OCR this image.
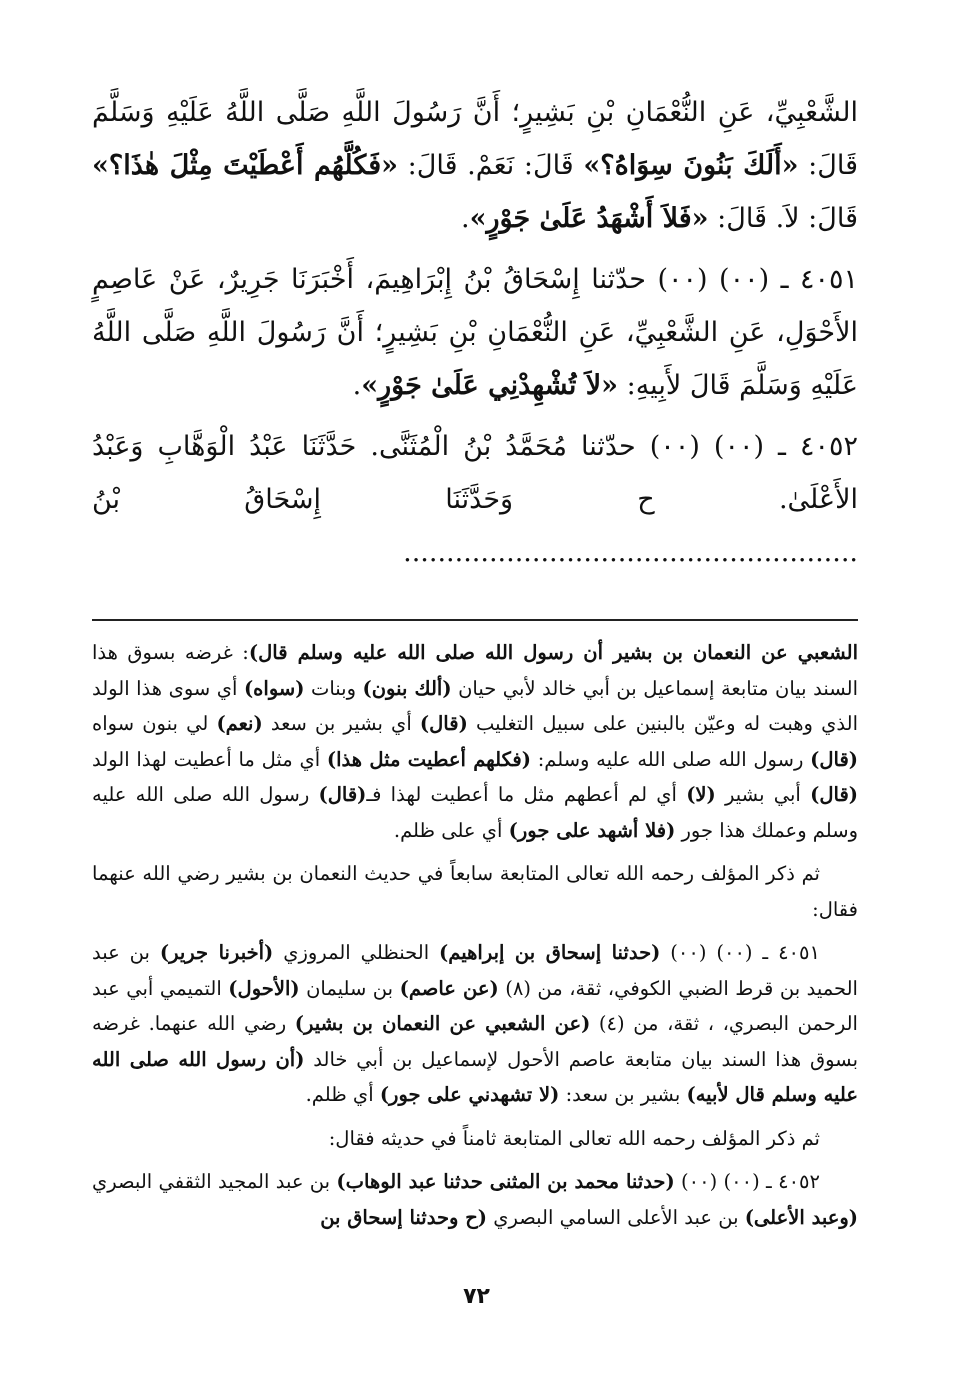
الشَّعْبِيِّ، عَنِ النُّعْمَانِ بْنِ بَشِيرٍ؛ أَنَّ رَسُولَ اللَّهِ صَلَّى اللَّهُ عَلَيْهِ وَسَلَّمَ قَالَ: «أَلَكَ بَنُونَ سِوَاهُ؟» قَالَ: نَعَمْ. قَالَ: «فَكُلَّهُم أَعْطَيْتَ مِثْلَ هٰذَا؟» قَالَ: لاَ. قَالَ: «فَلاَ أَشْهَدُ عَلَىٰ جَوْرٍ».

٤٠٥١ ـ (٠٠) (٠٠) حدّثنا إِسْحَاقُ بْنُ إِبْرَاهِيمَ، أَخْبَرَنَا جَرِيرٌ، عَنْ عَاصِمٍ الأَحْوَلِ، عَنِ الشَّعْبِيِّ، عَنِ النُّعْمَانِ بْنِ بَشِيرٍ؛ أَنَّ رَسُولَ اللَّهِ صَلَّى اللَّهُ عَلَيْهِ وَسَلَّمَ قَالَ لأَبِيهِ: «لاَ تُشْهِدْنِي عَلَىٰ جَوْرٍ».

٤٠٥٢ ـ (٠٠) (٠٠) حدّثنا مُحَمَّدُ بْنُ الْمُثَنَّى. حَدَّثَنَا عَبْدُ الْوَهَّابِ وَعَبْدُ الأَعْلَىٰ. ح وَحَدَّثَنَا إِسْحَاقُ بْنُ .....................................................

الشعبي عن النعمان بن بشير أن رسول الله صلى الله عليه وسلم قال): غرضه بسوق هذا السند بيان متابعة إسماعيل بن أبي خالد لأبي حيان (ألك بنون) وبنات (سواه) أي سوى هذا الولد الذي وهبت له وعيّن بالبنين على سبيل التغليب (قال) أي بشير بن سعد (نعم) لي بنون سواه (قال) رسول الله صلى الله عليه وسلم: (فكلهم أعطيت مثل هذا) أي مثل ما أعطيت لهذا الولد (قال) أبي بشير (لا) أي لم أعطهم مثل ما أعطيت لهذا فـ(قال) رسول الله صلى الله عليه وسلم وعملك هذا جور (فلا أشهد على جور) أي على ظلم.

ثم ذكر المؤلف رحمه الله تعالى المتابعة سابعاً في حديث النعمان بن بشير رضي الله عنهما فقال:

٤٠٥١ ـ (٠٠) (٠٠) (حدثنا إسحاق بن إبراهيم) الحنظلي المروزي (أخبرنا جرير) بن عبد الحميد بن قرط الضبي الكوفي، ثقة، من (٨) (عن عاصم) بن سليمان (الأحول) التميمي أبي عبد الرحمن البصري، ، ثقة، من (٤) (عن الشعبي عن النعمان بن بشير) رضي الله عنهما. غرضه بسوق هذا السند بيان متابعة عاصم الأحول لإسماعيل بن أبي خالد (أن رسول الله صلى الله عليه وسلم قال لأبيه) بشير بن سعد: (لا تشهدني على جور) أي ظلم.

ثم ذكر المؤلف رحمه الله تعالى المتابعة ثامناً في حديثه فقال:

٤٠٥٢ ـ (٠٠) (٠٠) (حدثنا محمد بن المثنى حدثنا عبد الوهاب) بن عبد المجيد الثقفي البصري (وعبد الأعلى) بن عبد الأعلى السامي البصري (ح وحدثنا إسحاق بن

٧٢
